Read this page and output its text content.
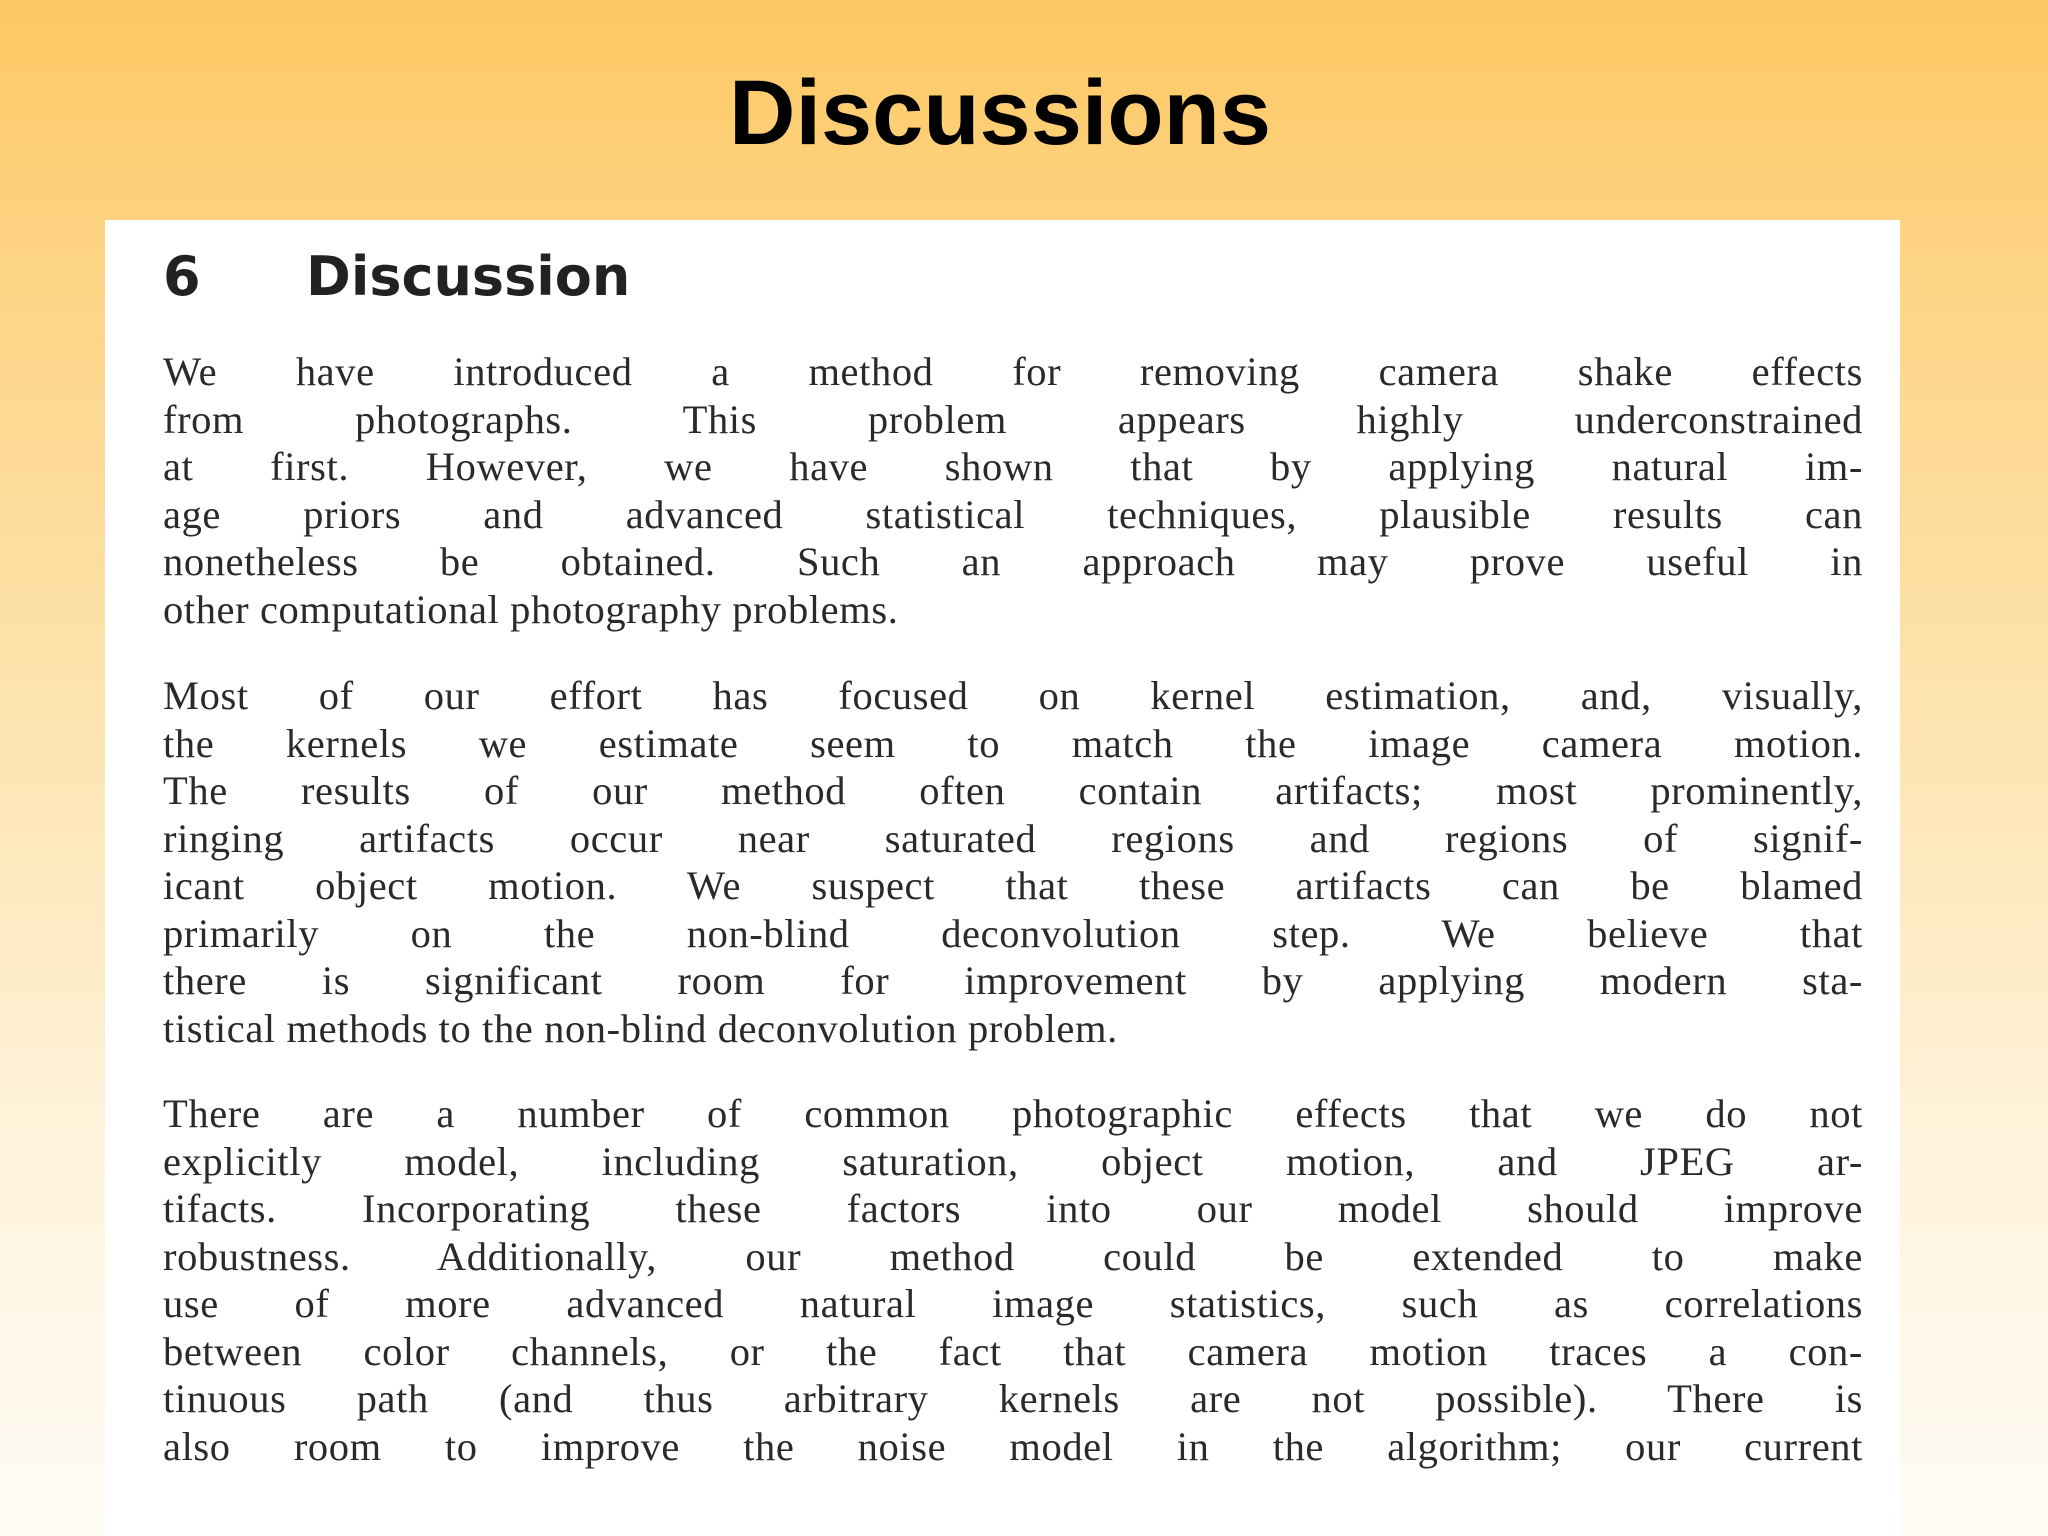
Discussions
6 Discussion
We have introduced a method for removing camera shake effects
from photographs. This problem appears highly underconstrained
at first. However, we have shown that by applying natural im-
age priors and advanced statistical techniques, plausible results can
nonetheless be obtained. Such an approach may prove useful in
other computational photography problems.
Most of our effort has focused on kernel estimation, and, visually,
the kernels we estimate seem to match the image camera motion.
The results of our method often contain artifacts; most prominently,
ringing artifacts occur near saturated regions and regions of signif-
icant object motion. We suspect that these artifacts can be blamed
primarily on the non-blind deconvolution step. We believe that
there is significant room for improvement by applying modern sta-
tistical methods to the non-blind deconvolution problem.
There are a number of common photographic effects that we do not
explicitly model, including saturation, object motion, and JPEG ar-
tifacts. Incorporating these factors into our model should improve
robustness. Additionally, our method could be extended to make
use of more advanced natural image statistics, such as correlations
between color channels, or the fact that camera motion traces a con-
tinuous path (and thus arbitrary kernels are not possible). There is
also room to improve the noise model in the algorithm; our current
